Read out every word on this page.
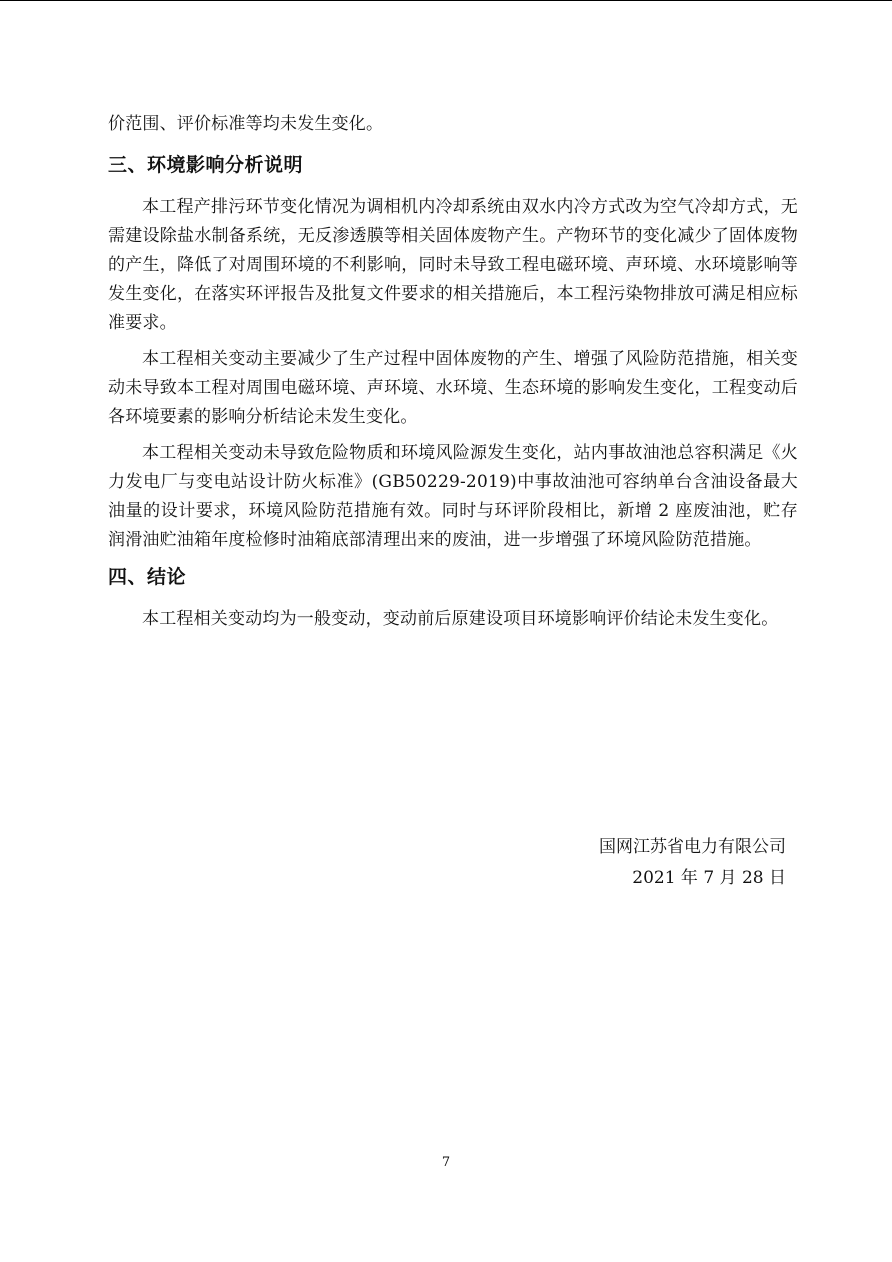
价范围、评价标准等均未发生变化。

三、环境影响分析说明

本工程产排污环节变化情况为调相机内冷却系统由双水内冷方式改为空气冷却方式，无需建设除盐水制备系统，无反渗透膜等相关固体废物产生。产物环节的变化减少了固体废物的产生，降低了对周围环境的不利影响，同时未导致工程电磁环境、声环境、水环境影响等发生变化，在落实环评报告及批复文件要求的相关措施后，本工程污染物排放可满足相应标准要求。

本工程相关变动主要减少了生产过程中固体废物的产生、增强了风险防范措施，相关变动未导致本工程对周围电磁环境、声环境、水环境、生态环境的影响发生变化，工程变动后各环境要素的影响分析结论未发生变化。

本工程相关变动未导致危险物质和环境风险源发生变化，站内事故油池总容积满足《火力发电厂与变电站设计防火标准》(GB50229-2019)中事故油池可容纳单台含油设备最大油量的设计要求，环境风险防范措施有效。同时与环评阶段相比，新增 2 座废油池，贮存润滑油贮油箱年度检修时油箱底部清理出来的废油，进一步增强了环境风险防范措施。

四、结论

本工程相关变动均为一般变动，变动前后原建设项目环境影响评价结论未发生变化。

国网江苏省电力有限公司
2021 年 7 月 28 日
7
